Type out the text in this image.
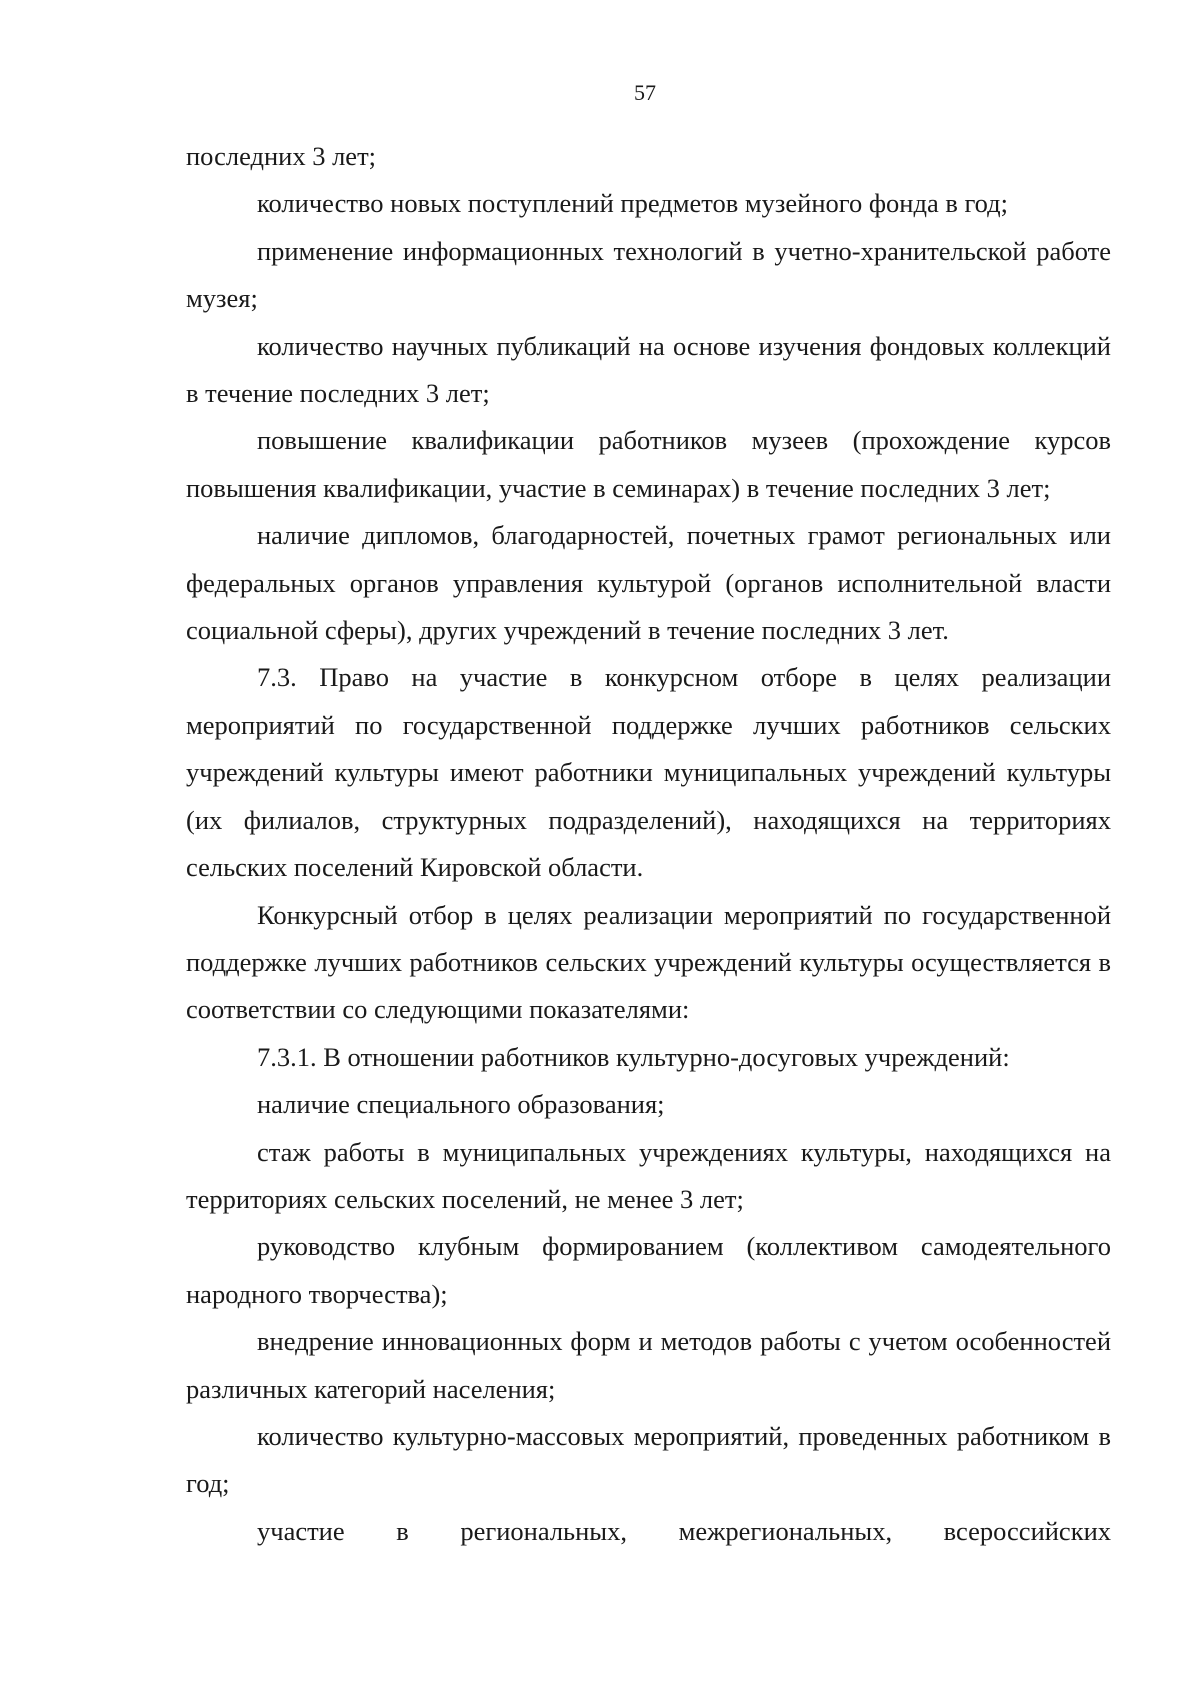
57

последних 3 лет;

количество новых поступлений предметов музейного фонда в год;

применение информационных технологий в учетно-хранительской работе музея;

количество научных публикаций на основе изучения фондовых коллекций в течение последних 3 лет;

повышение квалификации работников музеев (прохождение курсов повышения квалификации, участие в семинарах) в течение последних 3 лет;

наличие дипломов, благодарностей, почетных грамот региональных или федеральных органов управления культурой (органов исполнительной власти социальной сферы), других учреждений в течение последних 3 лет.

7.3. Право на участие в конкурсном отборе в целях реализации мероприятий по государственной поддержке лучших работников сельских учреждений культуры имеют работники муниципальных учреждений культуры (их филиалов, структурных подразделений), находящихся на территориях сельских поселений Кировской области.

Конкурсный отбор в целях реализации мероприятий по государственной поддержке лучших работников сельских учреждений культуры осуществляется в соответствии со следующими показателями:

7.3.1. В отношении работников культурно-досуговых учреждений:

наличие специального образования;

стаж работы в муниципальных учреждениях культуры, находящихся на территориях сельских поселений, не менее 3 лет;

руководство клубным формированием (коллективом самодеятельного народного творчества);

внедрение инновационных форм и методов работы с учетом особенностей различных категорий населения;

количество культурно-массовых мероприятий, проведенных работником в год;

участие в региональных, межрегиональных, всероссийских
